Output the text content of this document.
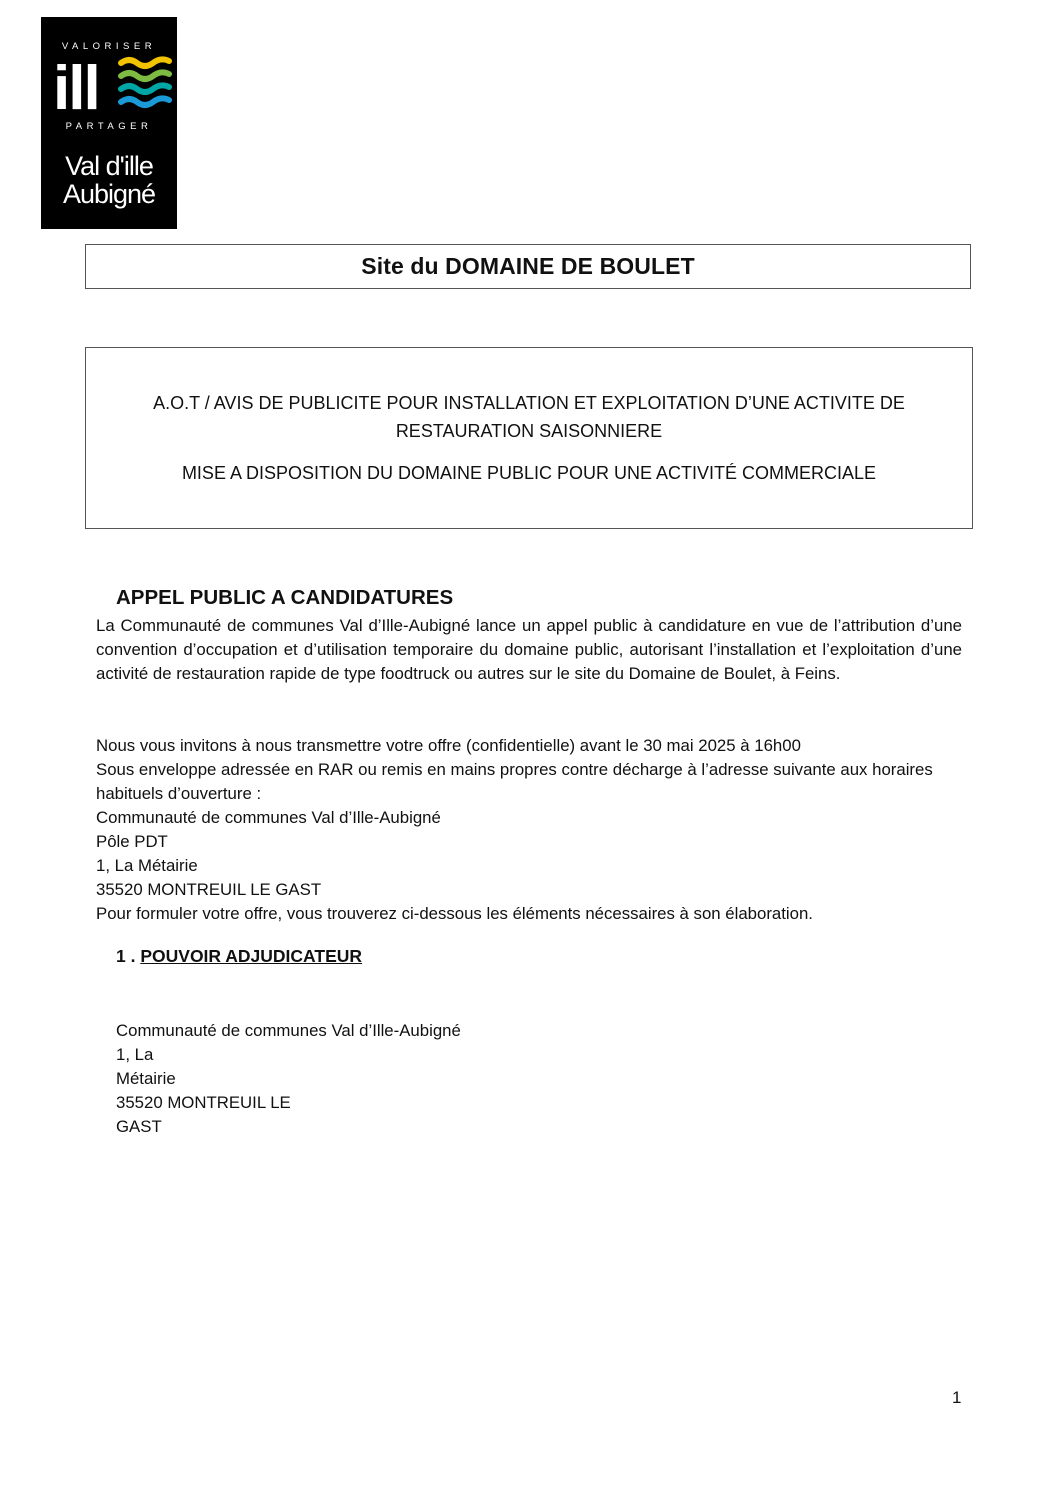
VALORISER
ill
PARTAGER
Val d'ille
Aubigné
Site du DOMAINE DE BOULET
A.O.T / AVIS DE PUBLICITE POUR INSTALLATION ET EXPLOITATION D’UNE ACTIVITE DE
RESTAURATION SAISONNIERE
MISE A DISPOSITION DU DOMAINE PUBLIC POUR UNE ACTIVITÉ COMMERCIALE
APPEL PUBLIC A CANDIDATURES
La Communauté de communes Val d’Ille-Aubigné lance un appel public à candidature en vue de l’attribution d’une convention d’occupation et d’utilisation temporaire du domaine public, autorisant l’installation et l’exploitation d’une activité de restauration rapide de type foodtruck ou autres sur le site du Domaine de Boulet, à Feins.
Nous vous invitons à nous transmettre votre offre (confidentielle) avant le 30 mai 2025 à 16h00
Sous enveloppe adressée en RAR ou remis en mains propres contre décharge à l’adresse suivante aux horaires
habituels d’ouverture :
Communauté de communes Val d’Ille-Aubigné
Pôle PDT
1, La Métairie
35520 MONTREUIL LE GAST
Pour formuler votre offre, vous trouverez ci-dessous les éléments nécessaires à son élaboration.
1 . POUVOIR ADJUDICATEUR
Communauté de communes Val d’Ille-Aubigné
1, La
Métairie
35520 MONTREUIL LE
GAST
1
